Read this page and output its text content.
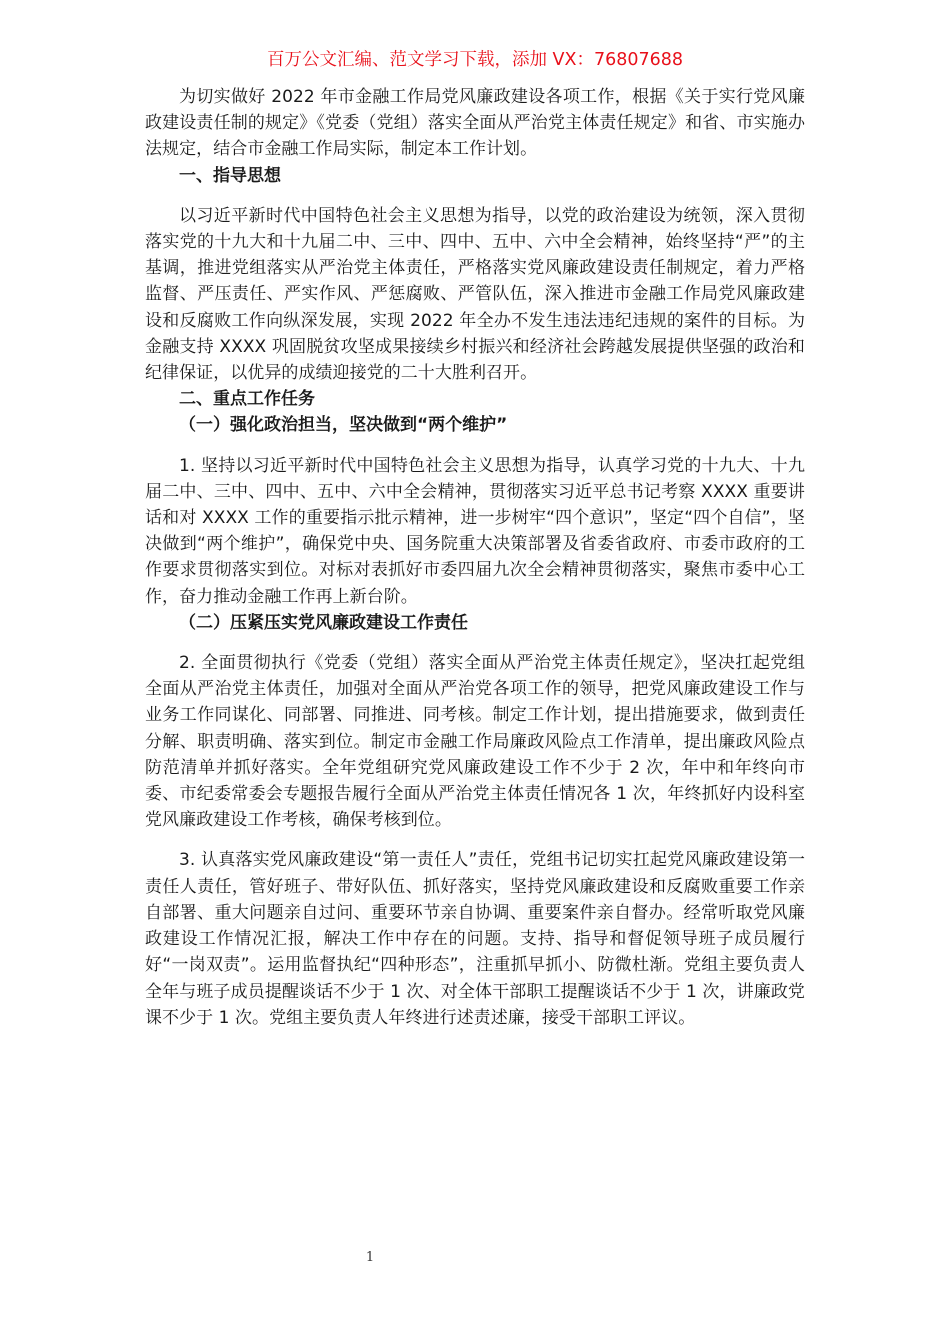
百万公文汇编、范文学习下载，添加 VX：76807688

为切实做好 2022 年市金融工作局党风廉政建设各项工作，根据《关于实行党风廉政建设责任制的规定》《党委（党组）落实全面从严治党主体责任规定》和省、市实施办法规定，结合市金融工作局实际，制定本工作计划。

一、指导思想

以习近平新时代中国特色社会主义思想为指导，以党的政治建设为统领，深入贯彻落实党的十九大和十九届二中、三中、四中、五中、六中全会精神，始终坚持“严”的主基调，推进党组落实从严治党主体责任，严格落实党风廉政建设责任制规定，着力严格监督、严压责任、严实作风、严惩腐败、严管队伍，深入推进市金融工作局党风廉政建设和反腐败工作向纵深发展，实现 2022 年全办不发生违法违纪违规的案件的目标。为金融支持 XXXX 巩固脱贫攻坚成果接续乡村振兴和经济社会跨越发展提供坚强的政治和纪律保证，以优异的成绩迎接党的二十大胜利召开。

二、重点工作任务

（一）强化政治担当，坚决做到“两个维护”

1. 坚持以习近平新时代中国特色社会主义思想为指导，认真学习党的十九大、十九届二中、三中、四中、五中、六中全会精神，贯彻落实习近平总书记考察 XXXX 重要讲话和对 XXXX 工作的重要指示批示精神，进一步树牢“四个意识”，坚定“四个自信”，坚决做到“两个维护”，确保党中央、国务院重大决策部署及省委省政府、市委市政府的工作要求贯彻落实到位。对标对表抓好市委四届九次全会精神贯彻落实，聚焦市委中心工作，奋力推动金融工作再上新台阶。

（二）压紧压实党风廉政建设工作责任

2. 全面贯彻执行《党委（党组）落实全面从严治党主体责任规定》，坚决扛起党组全面从严治党主体责任，加强对全面从严治党各项工作的领导，把党风廉政建设工作与业务工作同谋化、同部署、同推进、同考核。制定工作计划，提出措施要求，做到责任分解、职责明确、落实到位。制定市金融工作局廉政风险点工作清单，提出廉政风险点防范清单并抓好落实。全年党组研究党风廉政建设工作不少于 2 次，年中和年终向市委、市纪委常委会专题报告履行全面从严治党主体责任情况各 1 次，年终抓好内设科室党风廉政建设工作考核，确保考核到位。

3. 认真落实党风廉政建设“第一责任人”责任，党组书记切实扛起党风廉政建设第一责任人责任，管好班子、带好队伍、抓好落实，坚持党风廉政建设和反腐败重要工作亲自部署、重大问题亲自过问、重要环节亲自协调、重要案件亲自督办。经常听取党风廉政建设工作情况汇报，解决工作中存在的问题。支持、指导和督促领导班子成员履行好“一岗双责”。运用监督执纪“四种形态”，注重抓早抓小、防微杜渐。党组主要负责人全年与班子成员提醒谈话不少于 1 次、对全体干部职工提醒谈话不少于 1 次，讲廉政党课不少于 1 次。党组主要负责人年终进行述责述廉，接受干部职工评议。

1
